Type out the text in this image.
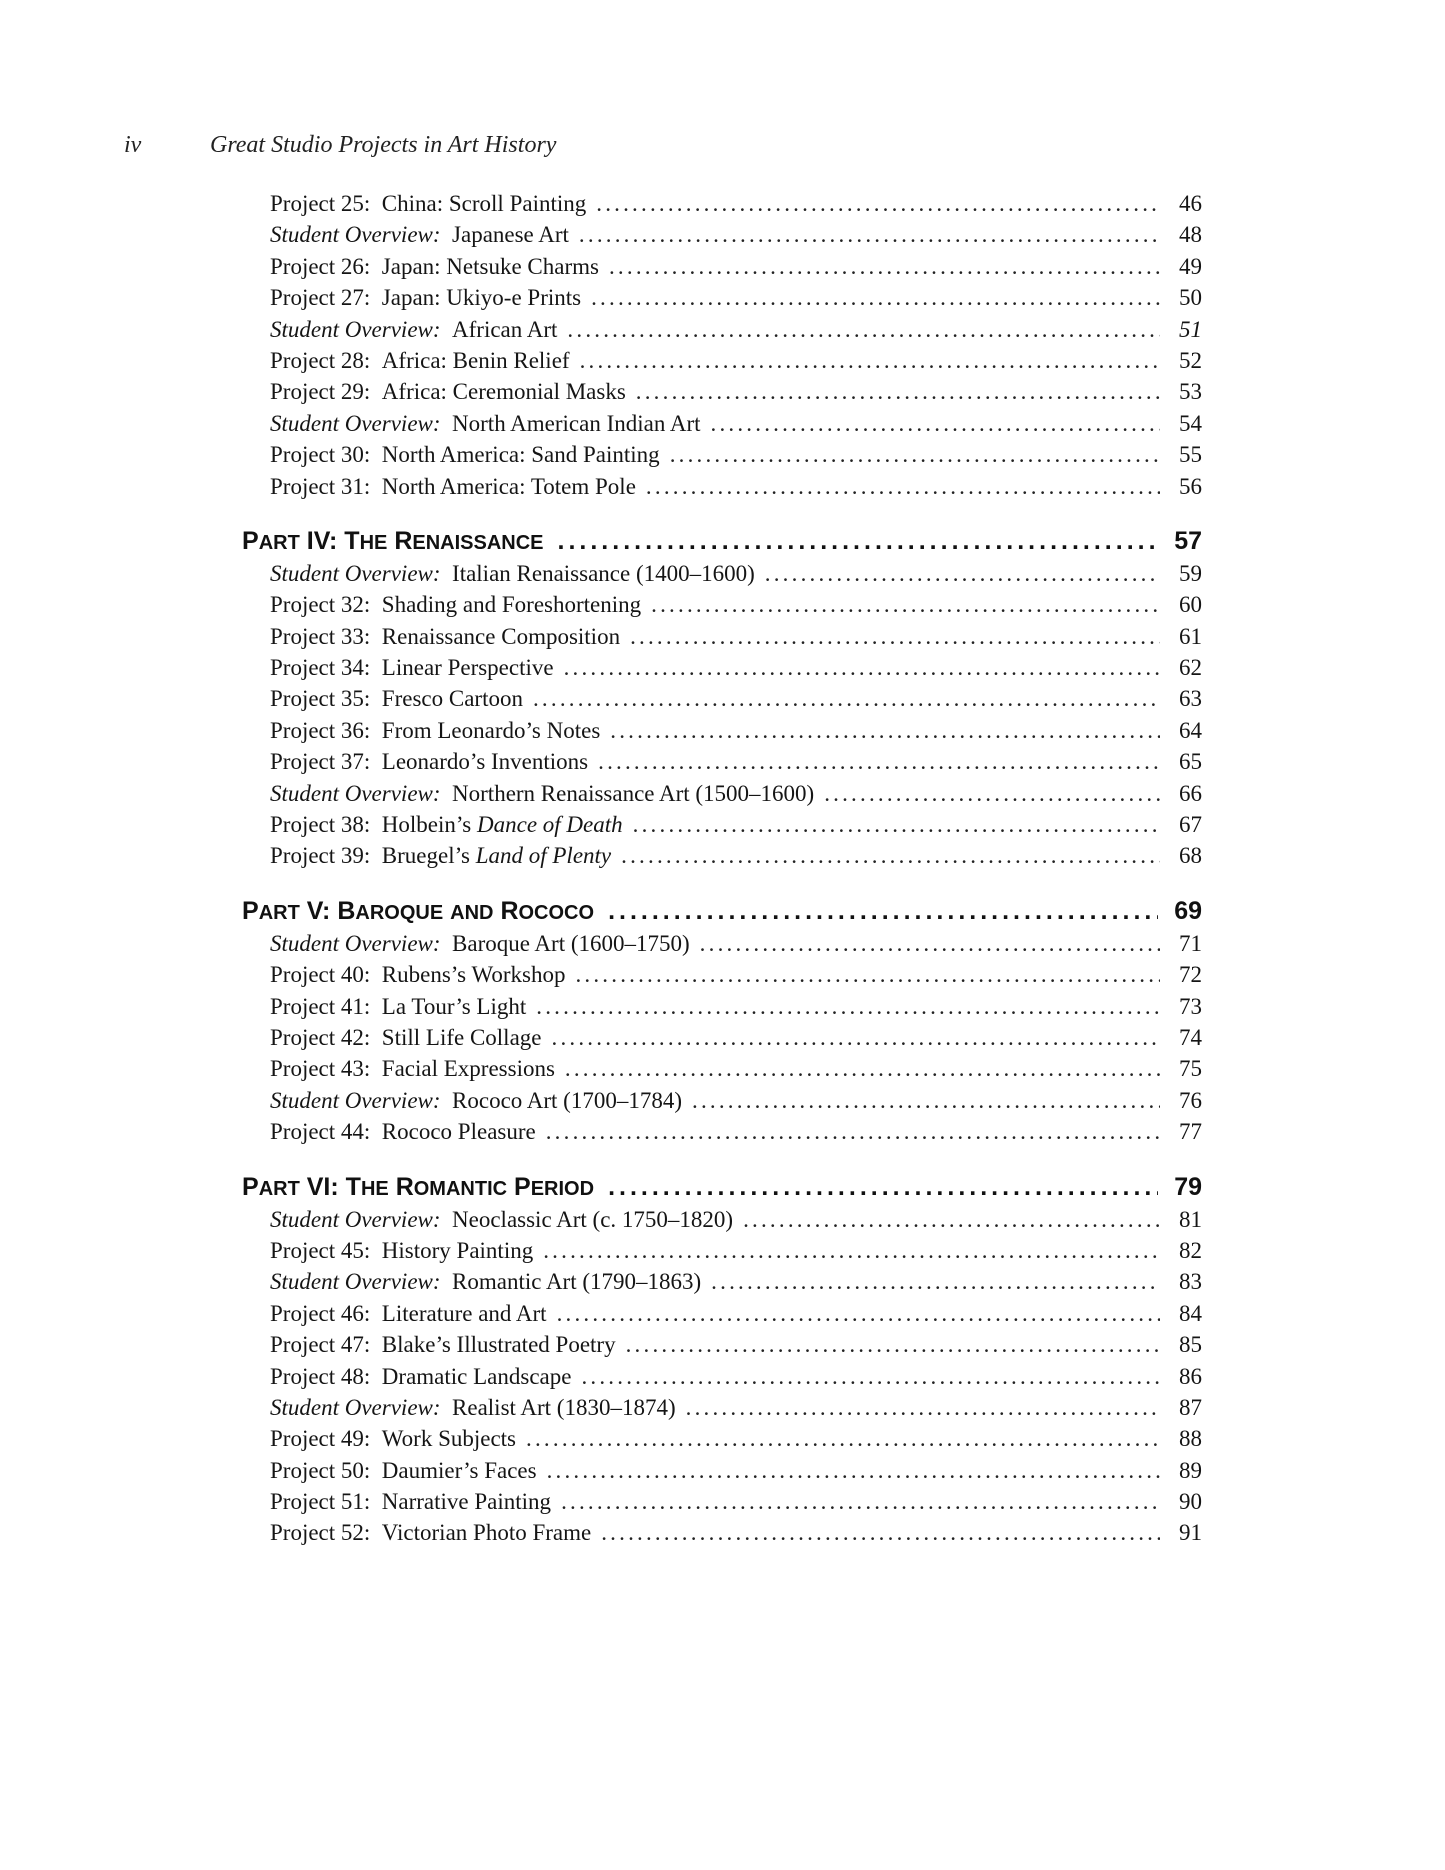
iv	Great Studio Projects in Art History
Project 25: China: Scroll Painting .....	46
Student Overview: Japanese Art .....	48
Project 26: Japan: Netsuke Charms .....	49
Project 27: Japan: Ukiyo-e Prints .....	50
Student Overview: African Art .....	51
Project 28: Africa: Benin Relief .....	52
Project 29: Africa: Ceremonial Masks .....	53
Student Overview: North American Indian Art .....	54
Project 30: North America: Sand Painting .....	55
Project 31: North America: Totem Pole .....	56
PART IV: THE RENAISSANCE .....	57
Student Overview: Italian Renaissance (1400–1600) .....	59
Project 32: Shading and Foreshortening .....	60
Project 33: Renaissance Composition .....	61
Project 34: Linear Perspective .....	62
Project 35: Fresco Cartoon .....	63
Project 36: From Leonardo’s Notes .....	64
Project 37: Leonardo’s Inventions .....	65
Student Overview: Northern Renaissance Art (1500–1600) .....	66
Project 38: Holbein’s Dance of Death .....	67
Project 39: Bruegel’s Land of Plenty .....	68
PART V: BAROQUE AND ROCOCO .....	69
Student Overview: Baroque Art (1600–1750) .....	71
Project 40: Rubens’s Workshop .....	72
Project 41: La Tour’s Light .....	73
Project 42: Still Life Collage .....	74
Project 43: Facial Expressions .....	75
Student Overview: Rococo Art (1700–1784) .....	76
Project 44: Rococo Pleasure .....	77
PART VI: THE ROMANTIC PERIOD .....	79
Student Overview: Neoclassic Art (c. 1750–1820) .....	81
Project 45: History Painting .....	82
Student Overview: Romantic Art (1790–1863) .....	83
Project 46: Literature and Art .....	84
Project 47: Blake’s Illustrated Poetry .....	85
Project 48: Dramatic Landscape .....	86
Student Overview: Realist Art (1830–1874) .....	87
Project 49: Work Subjects .....	88
Project 50: Daumier’s Faces .....	89
Project 51: Narrative Painting .....	90
Project 52: Victorian Photo Frame .....	91
